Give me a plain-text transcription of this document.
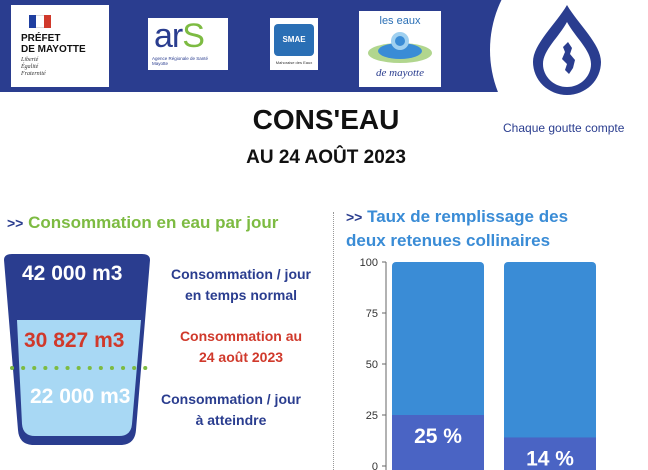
PRÉFET
DE MAYOTTE
Liberté
Égalité
Fraternité
arS
Agence Régionale de Santé Mayotte
SMAE
Mahoraise des Eaux
les eaux
de mayotte
Chaque goutte compte
CONS'EAU
AU 24 AOÛT 2023
>> Consommation en eau par jour	>> Taux de remplissage des
deux retenues collinaires
42 000 m3
30 827 m3
22 000 m3
Consommation / jour
en temps normal
Consommation au
24 août 2023
Consommation / jour
à atteindre
0
25
50
75
100
25 %
14 %
